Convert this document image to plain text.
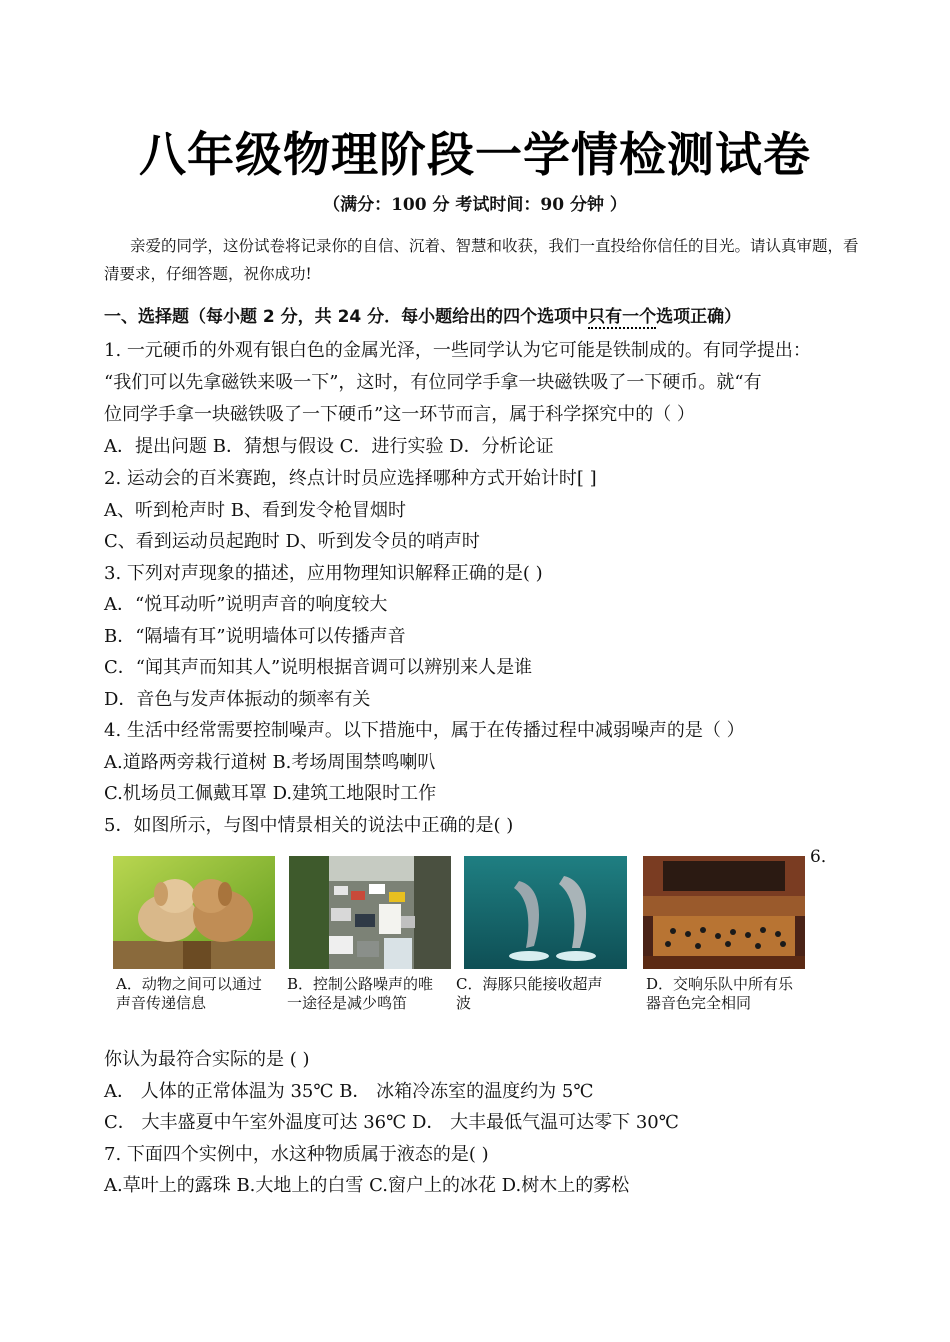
八年级物理阶段一学情检测试卷
（满分：100 分 考试时间：90 分钟 ）
亲爱的同学，这份试卷将记录你的自信、沉着、智慧和收获，我们一直投给你信任的目光。请认真审题，看清要求，仔细答题，祝你成功!
一、选择题（每小题 2 分，共 24 分．每小题给出的四个选项中只有一个选项正确）
1. 一元硬币的外观有银白色的金属光泽，一些同学认为它可能是铁制成的。有同学提出：
“我们可以先拿磁铁来吸一下”，这时，有位同学手拿一块磁铁吸了一下硬币。就“有
位同学手拿一块磁铁吸了一下硬币”这一环节而言，属于科学探究中的（ ）
A．提出问题 B．猜想与假设 C．进行实验 D．分析论证
2. 运动会的百米赛跑，终点计时员应选择哪种方式开始计时[ ]
A、听到枪声时 B、看到发令枪冒烟时
C、看到运动员起跑时 D、听到发令员的哨声时
3. 下列对声现象的描述，应用物理知识解释正确的是( )
A．“悦耳动听”说明声音的响度较大
B．“隔墙有耳”说明墙体可以传播声音
C．“闻其声而知其人”说明根据音调可以辨别来人是谁
D．音色与发声体振动的频率有关
4. 生活中经常需要控制噪声。以下措施中，属于在传播过程中减弱噪声的是（ ）
A.道路两旁栽行道树 B.考场周围禁鸣喇叭
C.机场员工佩戴耳罩 D.建筑工地限时工作
5．如图所示，与图中情景相关的说法中正确的是( )
6．
A．动物之间可以通过声音传递信息
B．控制公路噪声的唯一途径是减少鸣笛
C．海豚只能接收超声波
D．交响乐队中所有乐器音色完全相同
你认为最符合实际的是 ( )
A． 人体的正常体温为 35℃ B． 冰箱冷冻室的温度约为 5℃
C． 大丰盛夏中午室外温度可达 36℃ D． 大丰最低气温可达零下 30℃
7. 下面四个实例中，水这种物质属于液态的是( )
A.草叶上的露珠 B.大地上的白雪 C.窗户上的冰花 D.树木上的雾松
